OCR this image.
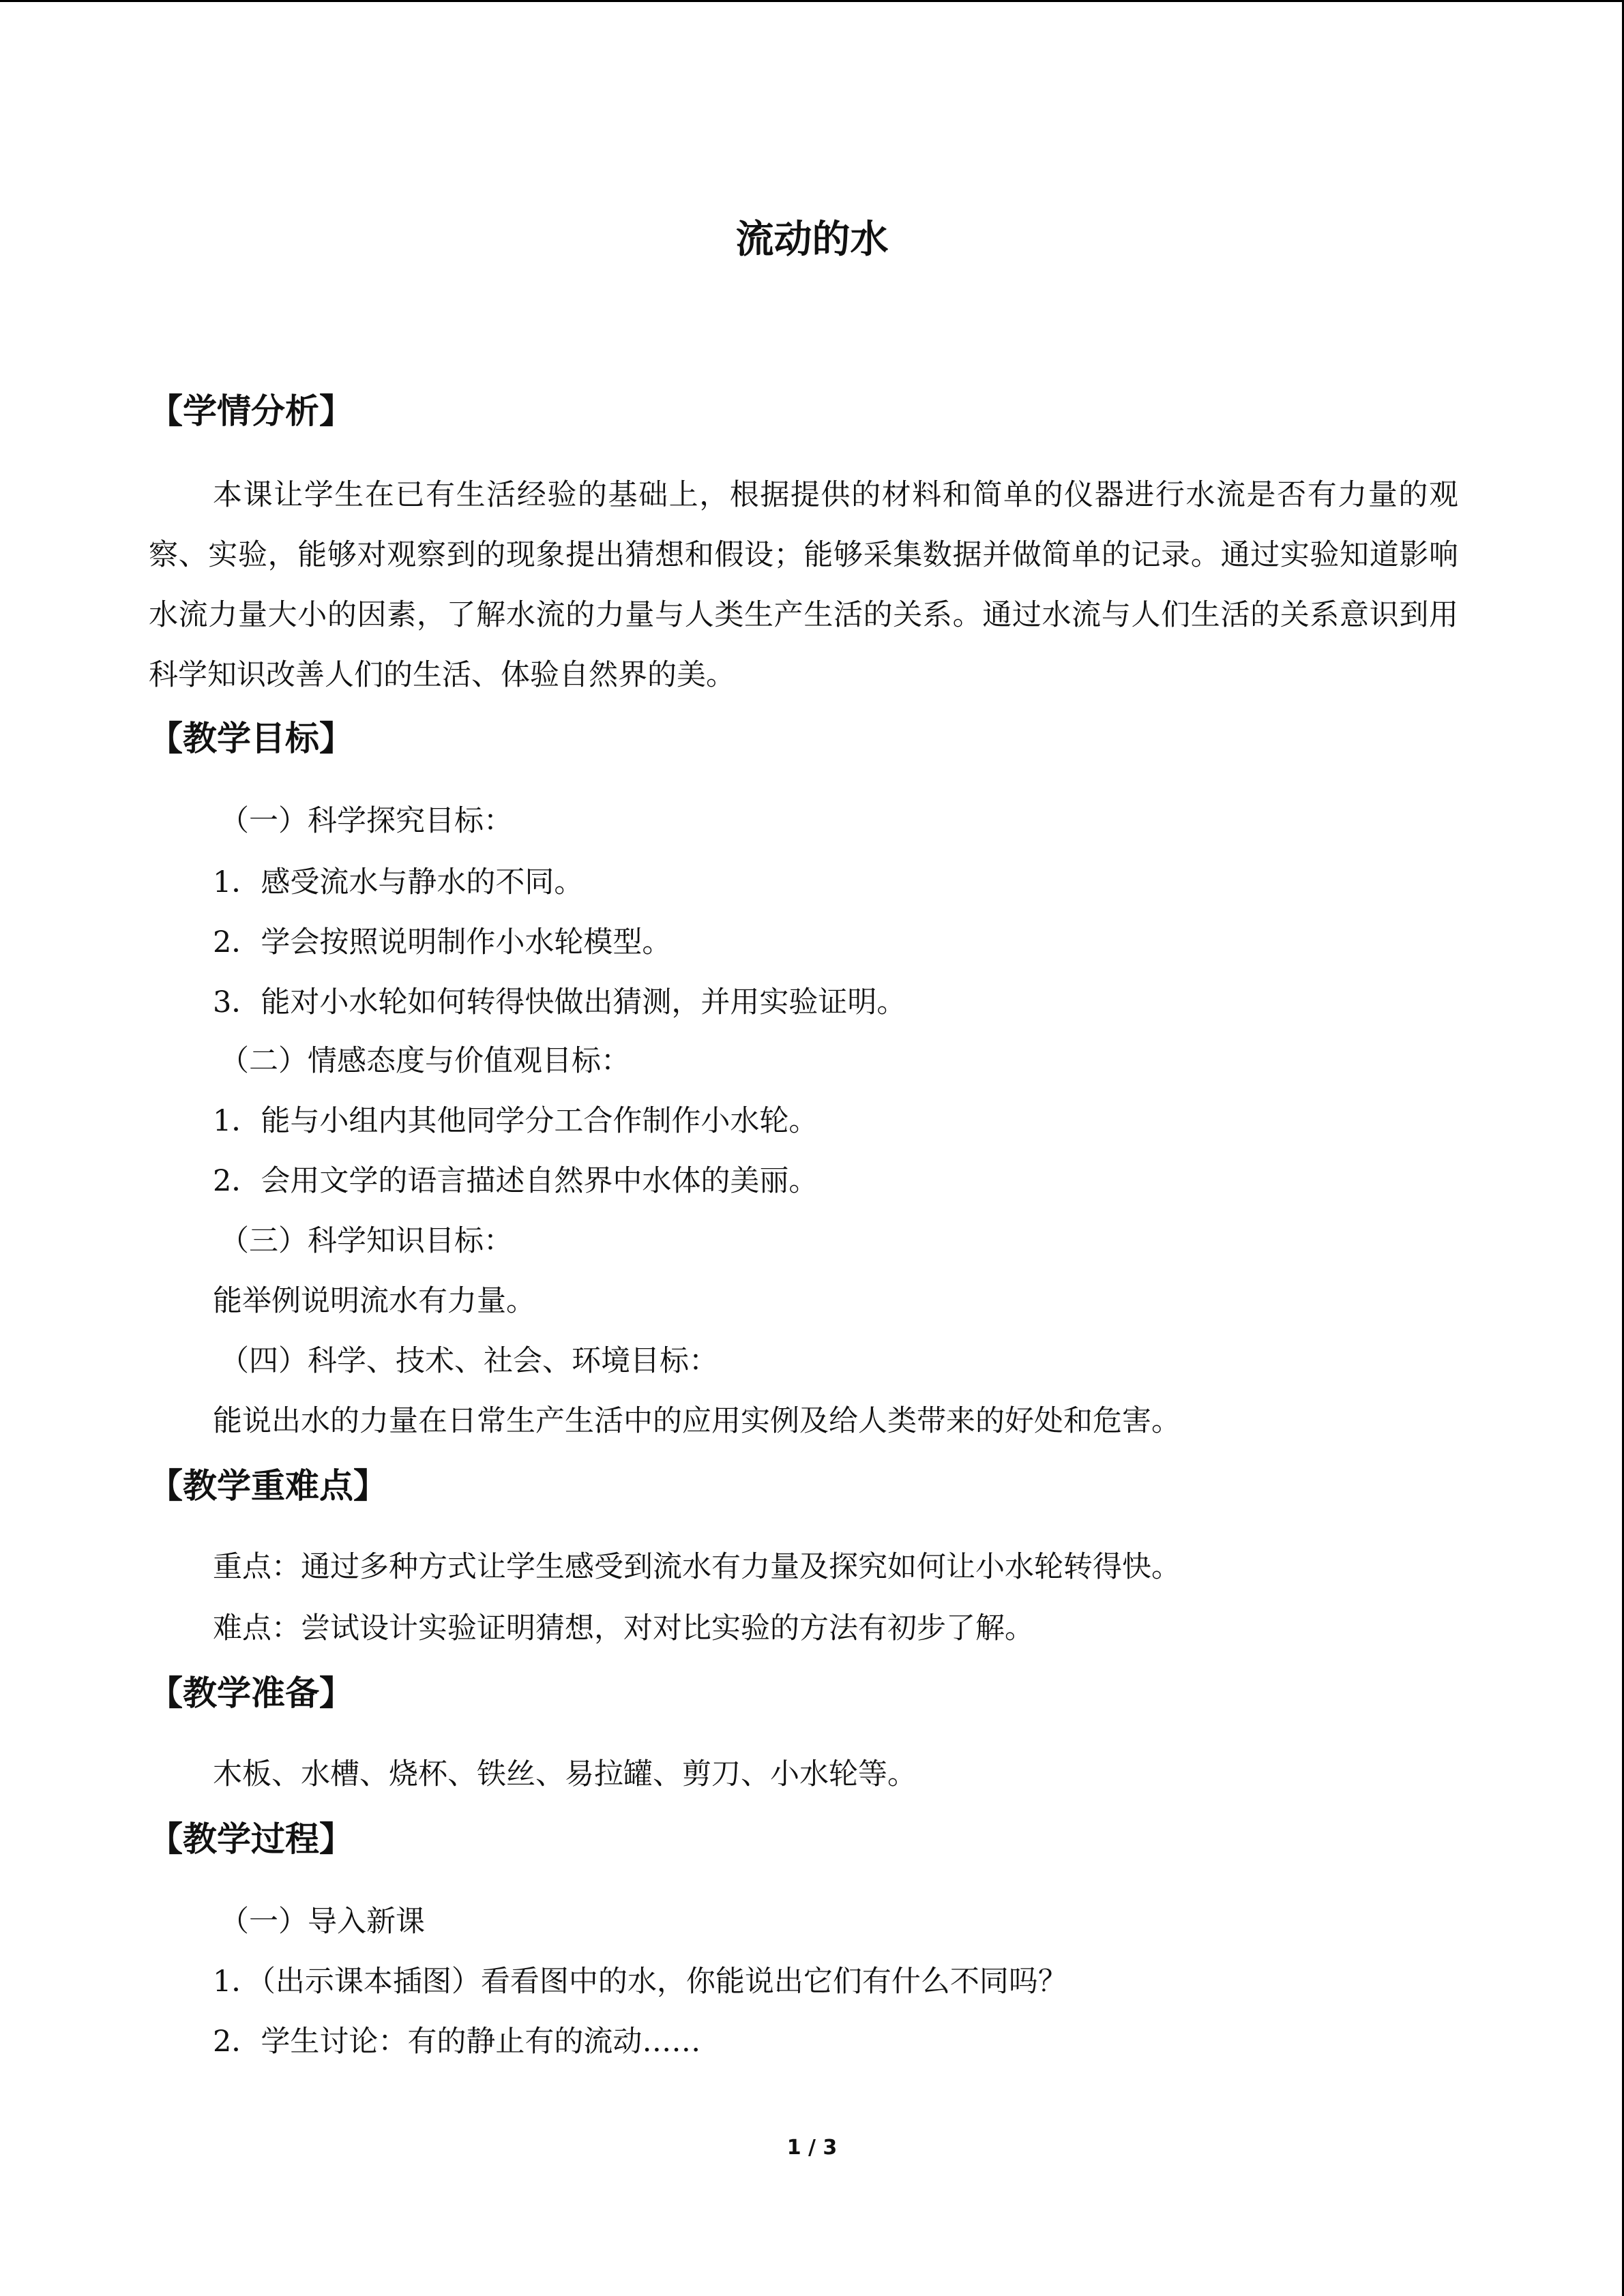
流动的水
【学情分析】

本课让学生在已有生活经验的基础上，根据提供的材料和简单的仪器进行水流是否有力量的观察、实验，能够对观察到的现象提出猜想和假设；能够采集数据并做简单的记录。通过实验知道影响水流力量大小的因素，了解水流的力量与人类生产生活的关系。通过水流与人们生活的关系意识到用科学知识改善人们的生活、体验自然界的美。

【教学目标】
（一）科学探究目标：
1．感受流水与静水的不同。
2．学会按照说明制作小水轮模型。
3．能对小水轮如何转得快做出猜测，并用实验证明。
（二）情感态度与价值观目标：
1．能与小组内其他同学分工合作制作小水轮。
2．会用文学的语言描述自然界中水体的美丽。
（三）科学知识目标：
能举例说明流水有力量。
（四）科学、技术、社会、环境目标：
能说出水的力量在日常生产生活中的应用实例及给人类带来的好处和危害。
【教学重难点】
重点：通过多种方式让学生感受到流水有力量及探究如何让小水轮转得快。
难点：尝试设计实验证明猜想，对对比实验的方法有初步了解。
【教学准备】
木板、水槽、烧杯、铁丝、易拉罐、剪刀、小水轮等。
【教学过程】
（一）导入新课
1．（出示课本插图）看看图中的水，你能说出它们有什么不同吗？
2．学生讨论：有的静止有的流动……
1 / 3
